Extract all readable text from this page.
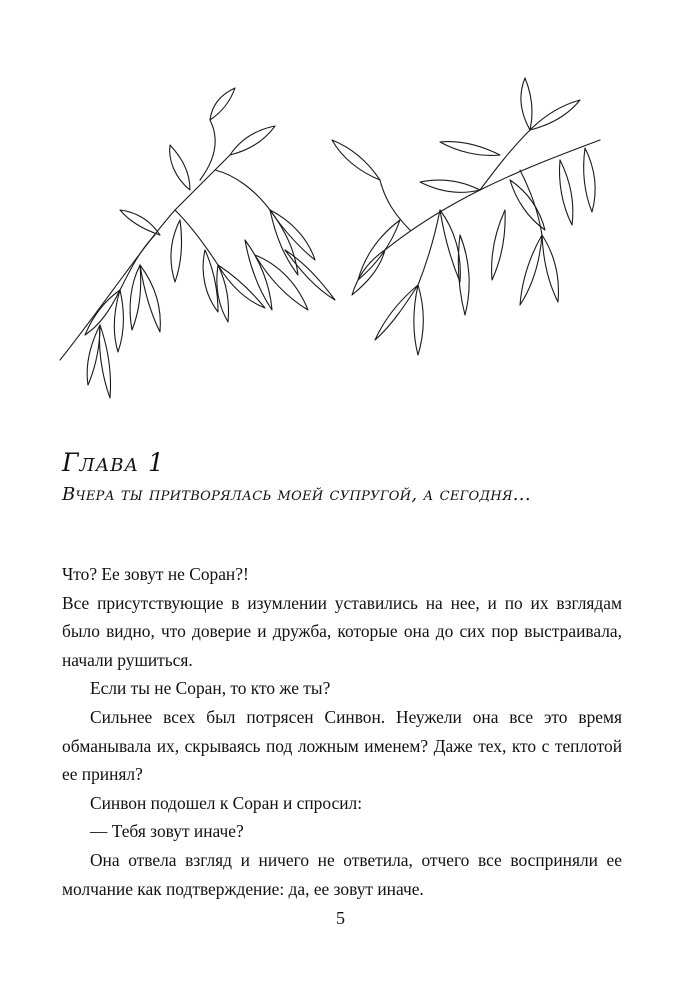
Глава 1
Вчера ты притворялась моей супругой, а сегодня...

Что? Ее зовут не Соран?!

Все присутствующие в изумлении уставились на нее, и по их взглядам было видно, что доверие и дружба, которые она до сих пор выстраивала, начали рушиться.

Если ты не Соран, то кто же ты?

Сильнее всех был потрясен Синвон. Неужели она все это время обманывала их, скрываясь под ложным именем? Даже тех, кто с теплотой ее принял?

Синвон подошел к Соран и спросил:

— Тебя зовут иначе?

Она отвела взгляд и ничего не ответила, отчего все восприняли ее молчание как подтверждение: да, ее зовут иначе.

5
